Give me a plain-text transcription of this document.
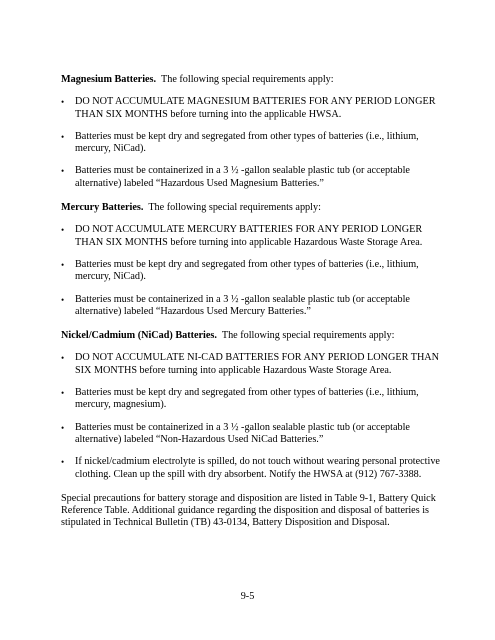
Magnesium Batteries. The following special requirements apply:

• DO NOT ACCUMULATE MAGNESIUM BATTERIES FOR ANY PERIOD LONGER THAN SIX MONTHS before turning into the applicable HWSA.
• Batteries must be kept dry and segregated from other types of batteries (i.e., lithium, mercury, NiCad).
• Batteries must be containerized in a 3 ½ -gallon sealable plastic tub (or acceptable alternative) labeled “Hazardous Used Magnesium Batteries.”

Mercury Batteries. The following special requirements apply:

• DO NOT ACCUMULATE MERCURY BATTERIES FOR ANY PERIOD LONGER THAN SIX MONTHS before turning into applicable Hazardous Waste Storage Area.
• Batteries must be kept dry and segregated from other types of batteries (i.e., lithium, mercury, NiCad).
• Batteries must be containerized in a 3 ½ -gallon sealable plastic tub (or acceptable alternative) labeled “Hazardous Used Mercury Batteries.”

Nickel/Cadmium (NiCad) Batteries. The following special requirements apply:

• DO NOT ACCUMULATE NI-CAD BATTERIES FOR ANY PERIOD LONGER THAN SIX MONTHS before turning into applicable Hazardous Waste Storage Area.
• Batteries must be kept dry and segregated from other types of batteries (i.e., lithium, mercury, magnesium).
• Batteries must be containerized in a 3 ½ -gallon sealable plastic tub (or acceptable alternative) labeled “Non-Hazardous Used NiCad Batteries.”
• If nickel/cadmium electrolyte is spilled, do not touch without wearing personal protective clothing. Clean up the spill with dry absorbent. Notify the HWSA at (912) 767-3388.

Special precautions for battery storage and disposition are listed in Table 9-1, Battery Quick Reference Table. Additional guidance regarding the disposition and disposal of batteries is stipulated in Technical Bulletin (TB) 43-0134, Battery Disposition and Disposal.

9-5
